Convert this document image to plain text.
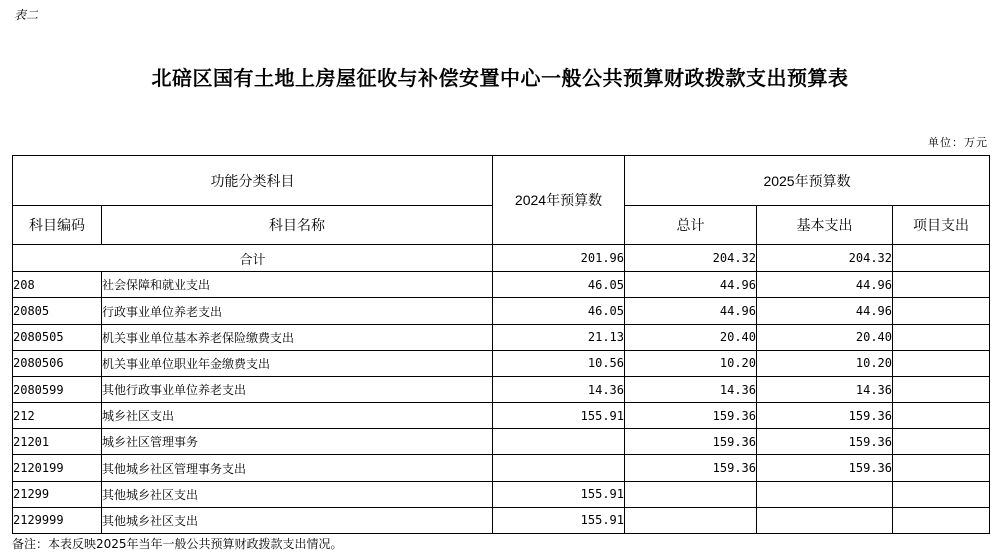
表二
北碚区国有土地上房屋征收与补偿安置中心一般公共预算财政拨款支出预算表
单位：万元
功能分类科目		2024年预算数	2025年预算数		
科目编码	科目名称		总计	基本支出	项目支出
合计		201.96	204.32	204.32	
208	社会保障和就业支出	46.05	44.96	44.96	
20805	行政事业单位养老支出	46.05	44.96	44.96	
2080505	机关事业单位基本养老保险缴费支出	21.13	20.40	20.40	
2080506	机关事业单位职业年金缴费支出	10.56	10.20	10.20	
2080599	其他行政事业单位养老支出	14.36	14.36	14.36	
212	城乡社区支出	155.91	159.36	159.36	
21201	城乡社区管理事务		159.36	159.36	
2120199	其他城乡社区管理事务支出		159.36	159.36	
21299	其他城乡社区支出	155.91			
2129999	其他城乡社区支出	155.91			
备注：本表反映2025年当年一般公共预算财政拨款支出情况。
